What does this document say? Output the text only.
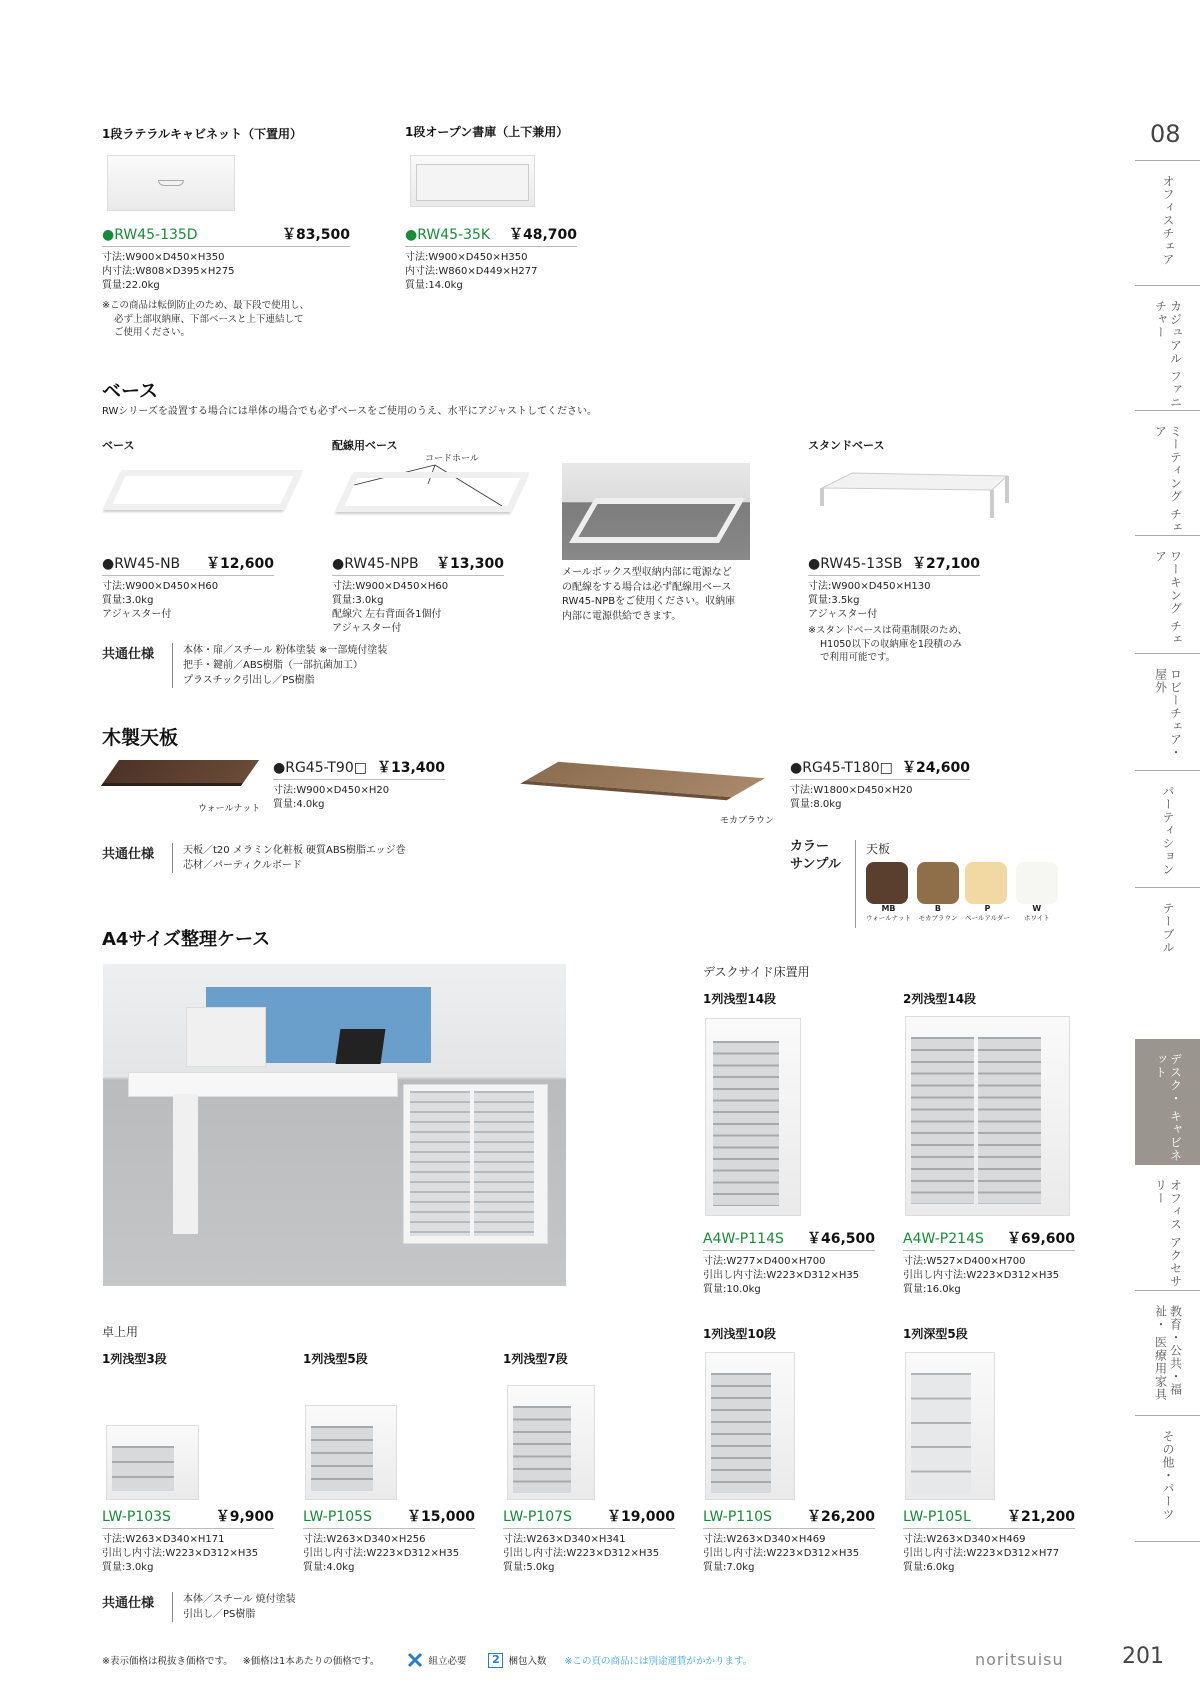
08
オフィスチェア
カジュアル ファニチャー
ミーティング チェア
ワーキング チェア
ロビーチェア・ 屋外
パーティション
テーブル
デスク・ キャビネット
オフィス アクセサリー
教育・公共・福祉・ 医療用家具
その他・パーツ
1段ラテラルキャビネット（下置用）
●RW45-135D	￥83,500
寸法:W900×D450×H350
内寸法:W808×D395×H275
質量:22.0kg
※この商品は転倒防止のため、最下段で使用し、
必ず上部収納庫、下部ベースと上下連結して
ご使用ください。
1段オープン書庫（上下兼用）
●RW45-35K ￥48,700
寸法:W900×D450×H350
内寸法:W860×D449×H277
質量:14.0kg
ベース
RWシリーズを設置する場合には単体の場合でも必ずベースをご使用のうえ、水平にアジャストしてください。
ベース
●RW45-NB ￥12,600
寸法:W900×D450×H60
質量:3.0kg
アジャスター付
配線用ベース
コードホール
●RW45-NPB ￥13,300
寸法:W900×D450×H60
質量:3.0kg
配線穴 左右背面各1個付
アジャスター付
メールボックス型収納内部に電源など
の配線をする場合は必ず配線用ベース
RW45-NPBをご使用ください。収納庫
内部に電源供給できます。
スタンドベース
●RW45-13SB ￥27,100
寸法:W900×D450×H130
質量:3.5kg
アジャスター付
※スタンドベースは荷重制限のため、
H1050以下の収納庫を1段積のみ
で利用可能です。
共通仕様	本体・扉／スチール 粉体塗装 ※一部焼付塗装
把手・鍵前／ABS樹脂（一部抗菌加工）
プラスチック引出し／PS樹脂
木製天板
ウォールナット
●RG45-T90□ ￥13,400
寸法:W900×D450×H20
質量:4.0kg
モカブラウン
●RG45-T180□ ￥24,600
寸法:W1800×D450×H20
質量:8.0kg
共通仕様	天板／t20 メラミン化粧板 硬質ABS樹脂エッジ巻
芯材／パーティクルボード
カラー
サンプル
天板
MB
ウォールナット
B
モカブラウン
P
ペールアルダー
W
ホワイト
A4サイズ整理ケース
デスクサイド床置用
1列浅型14段
A4W-P114S ￥46,500
寸法:W277×D400×H700
引出し内寸法:W223×D312×H35
質量:10.0kg
2列浅型14段
A4W-P214S ￥69,600
寸法:W527×D400×H700
引出し内寸法:W223×D312×H35
質量:16.0kg
卓上用
1列浅型3段
LW-P103S	￥9,900
寸法:W263×D340×H171
引出し内寸法:W223×D312×H35
質量:3.0kg
1列浅型5段
LW-P105S	￥15,000
寸法:W263×D340×H256
引出し内寸法:W223×D312×H35
質量:4.0kg
1列浅型7段
LW-P107S	￥19,000
寸法:W263×D340×H341
引出し内寸法:W223×D312×H35
質量:5.0kg
1列浅型10段
LW-P110S	￥26,200
寸法:W263×D340×H469
引出し内寸法:W223×D312×H35
質量:7.0kg
1列深型5段
LW-P105L	￥21,200
寸法:W263×D340×H469
引出し内寸法:W223×D312×H77
質量:6.0kg
共通仕様	本体／スチール 焼付塗装
引出し／PS樹脂
※表示価格は税抜き価格です。 ※価格は1本あたりの価格です。	組立必要	2 梱包入数 ※この頁の商品には別途運賃がかかります。	noritsuisu	201
